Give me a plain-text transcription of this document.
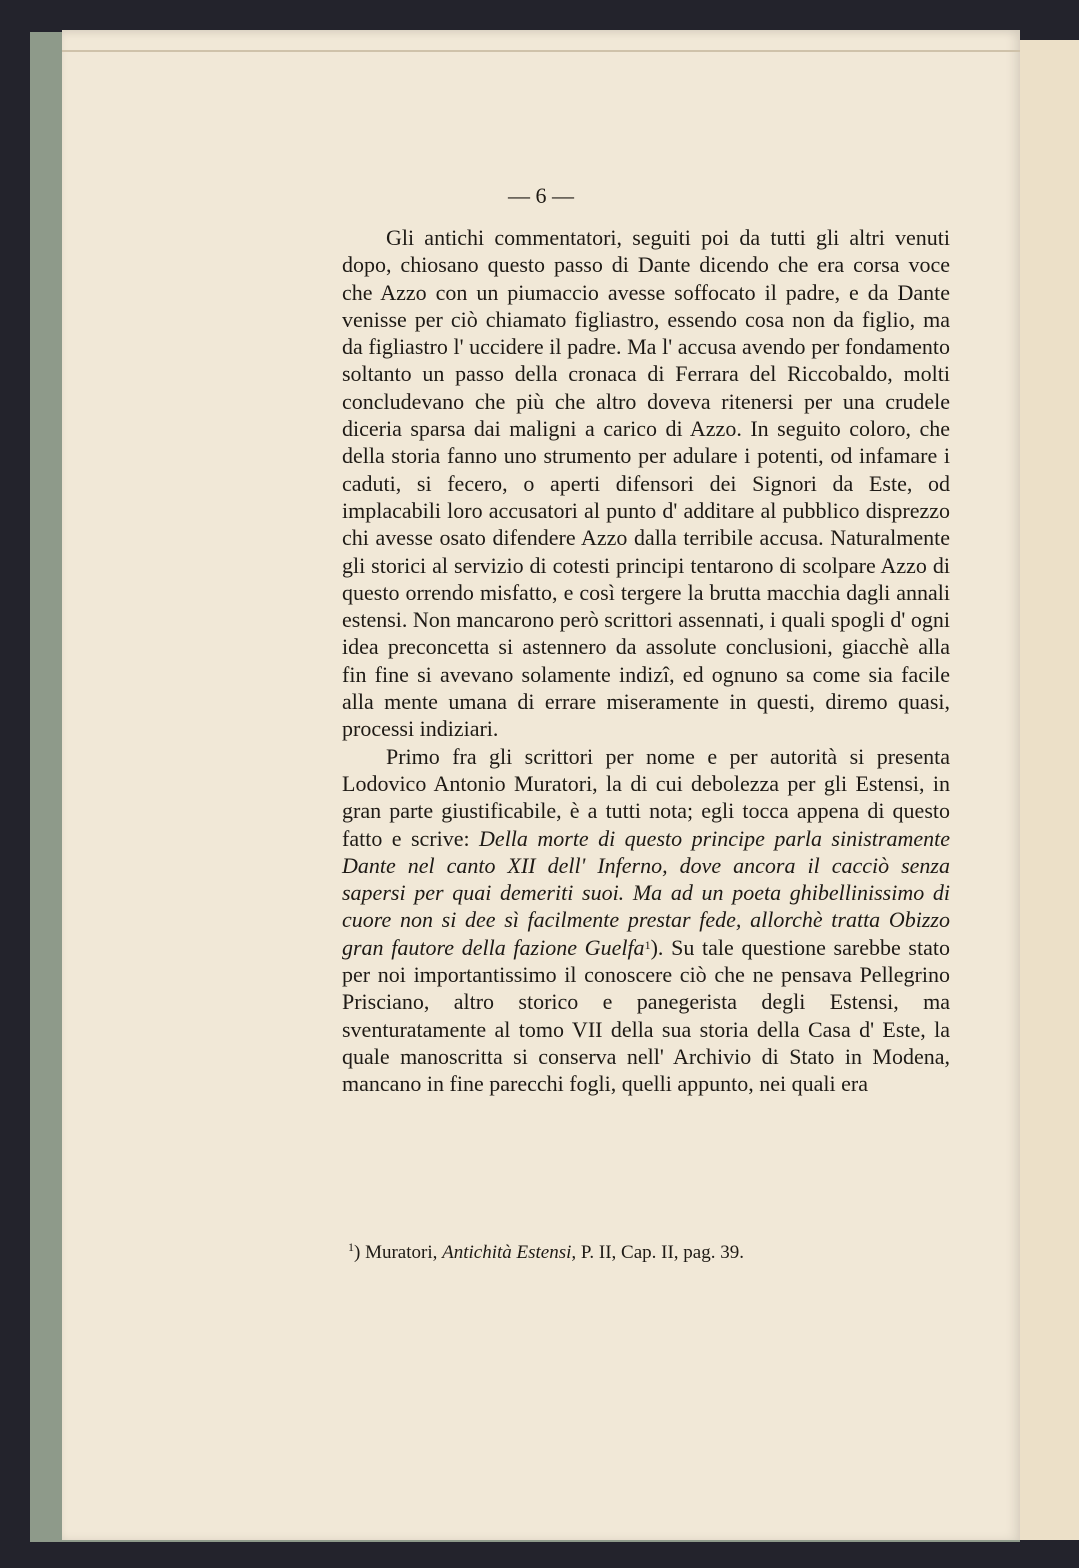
— 6 —

Gli antichi commentatori, seguiti poi da tutti gli altri venuti dopo, chiosano questo passo di Dante dicendo che era corsa voce che Azzo con un piumaccio avesse soffocato il padre, e da Dante venisse per ciò chiamato figliastro, essendo cosa non da figlio, ma da figliastro l' uccidere il padre. Ma l' accusa avendo per fondamento soltanto un passo della cronaca di Ferrara del Riccobaldo, molti concludevano che più che altro doveva ritenersi per una crudele diceria sparsa dai maligni a carico di Azzo. In seguito coloro, che della storia fanno uno strumento per adulare i potenti, od infamare i caduti, si fecero, o aperti difensori dei Signori da Este, od implacabili loro accusatori al punto d' additare al pubblico disprezzo chi avesse osato difendere Azzo dalla terribile accusa. Naturalmente gli storici al servizio di cotesti principi tentarono di scolpare Azzo di questo orrendo misfatto, e così tergere la brutta macchia dagli annali estensi. Non mancarono però scrittori assennati, i quali spogli d' ogni idea preconcetta si astennero da assolute conclusioni, giacchè alla fin fine si avevano solamente indizî, ed ognuno sa come sia facile alla mente umana di errare miseramente in questi, diremo quasi, processi indiziari.

Primo fra gli scrittori per nome e per autorità si presenta Lodovico Antonio Muratori, la di cui debolezza per gli Estensi, in gran parte giustificabile, è a tutti nota; egli tocca appena di questo fatto e scrive: Della morte di questo principe parla sinistramente Dante nel canto XII dell' Inferno, dove ancora il cacciò senza sapersi per quai demeriti suoi. Ma ad un poeta ghibellinissimo di cuore non si dee sì facilmente prestar fede, allorchè tratta Obizzo gran fautore della fazione Guelfa$^1$). Su tale questione sarebbe stato per noi importantissimo il conoscere ciò che ne pensava Pellegrino Prisciano, altro storico e panegerista degli Estensi, ma sventuratamente al tomo VII della sua storia della Casa d' Este, la quale manoscritta si conserva nell' Archivio di Stato in Modena, mancano in fine parecchi fogli, quelli appunto, nei quali era

$^1$) Muratori, Antichità Estensi, P. II, Cap. II, pag. 39.
